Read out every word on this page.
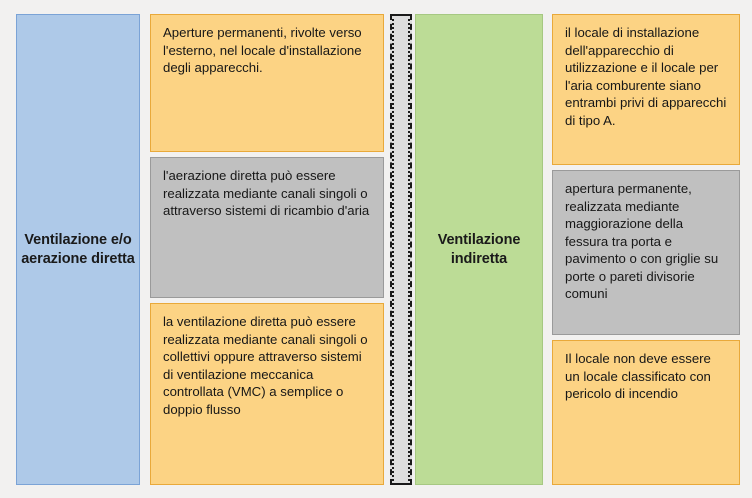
Ventilazione e/o aerazione diretta
Aperture permanenti, rivolte verso l'esterno, nel locale d'installazione degli apparecchi.
l'aerazione diretta può essere realizzata mediante canali singoli o attraverso sistemi di ricambio d'aria
la ventilazione diretta può essere realizzata mediante canali singoli o collettivi oppure attraverso sistemi di ventilazione meccanica controllata (VMC) a semplice o doppio flusso
Ventilazione indiretta
il locale di installazione dell'apparecchio di utilizzazione e il locale per l'aria comburente siano entrambi privi di apparecchi di tipo A.
apertura permanente, realizzata mediante maggiorazione della fessura tra porta e pavimento o con griglie su porte o pareti divisorie comuni
Il locale non deve essere un locale classificato con pericolo di incendio
